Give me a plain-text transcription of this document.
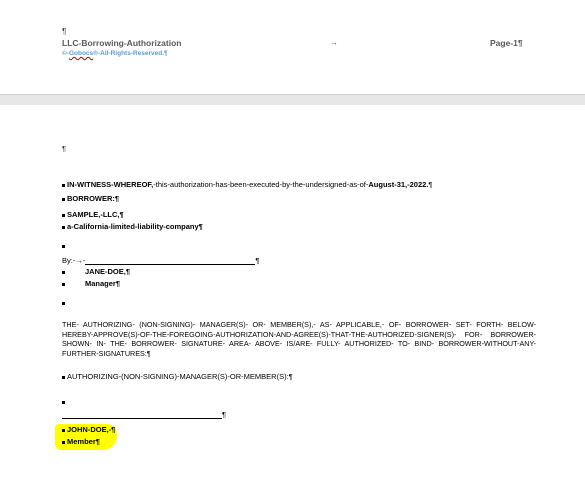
¶
LLC-Borrowing-Authorization
©-Gobocs®-All-Rights-Reserved.¶
→	Page-1¶
¶
IN-WITNESS-WHEREOF,-this-authorization-has-been-executed-by-the-undersigned-as-of-August-31,-2022.¶
BORROWER:¶
SAMPLE,-LLC,¶
a-California-limited-liability-company¶
By:-→-	¶
JANE-DOE,¶
Manager¶
THE- AUTHORIZING- (NON-SIGNING)- MANAGER(S)- OR- MEMBER(S),- AS- APPLICABLE,- OF- BORROWER- SET- FORTH- BELOW-HEREBY-APPROVE(S)-OF-THE-FOREGOING-AUTHORIZATION-AND-AGREE(S)-THAT-THE-AUTHORIZED-SIGNER(S)- FOR- BORROWER- SHOWN- IN- THE- BORROWER- SIGNATURE- AREA- ABOVE- IS/ARE- FULLY- AUTHORIZED- TO- BIND- BORROWER-WITHOUT-ANY-FURTHER-SIGNATURES:¶
AUTHORIZING-(NON-SIGNING)-MANAGER(S)-OR-MEMBER(S):¶
¶
JOHN-DOE,-¶
Member¶
